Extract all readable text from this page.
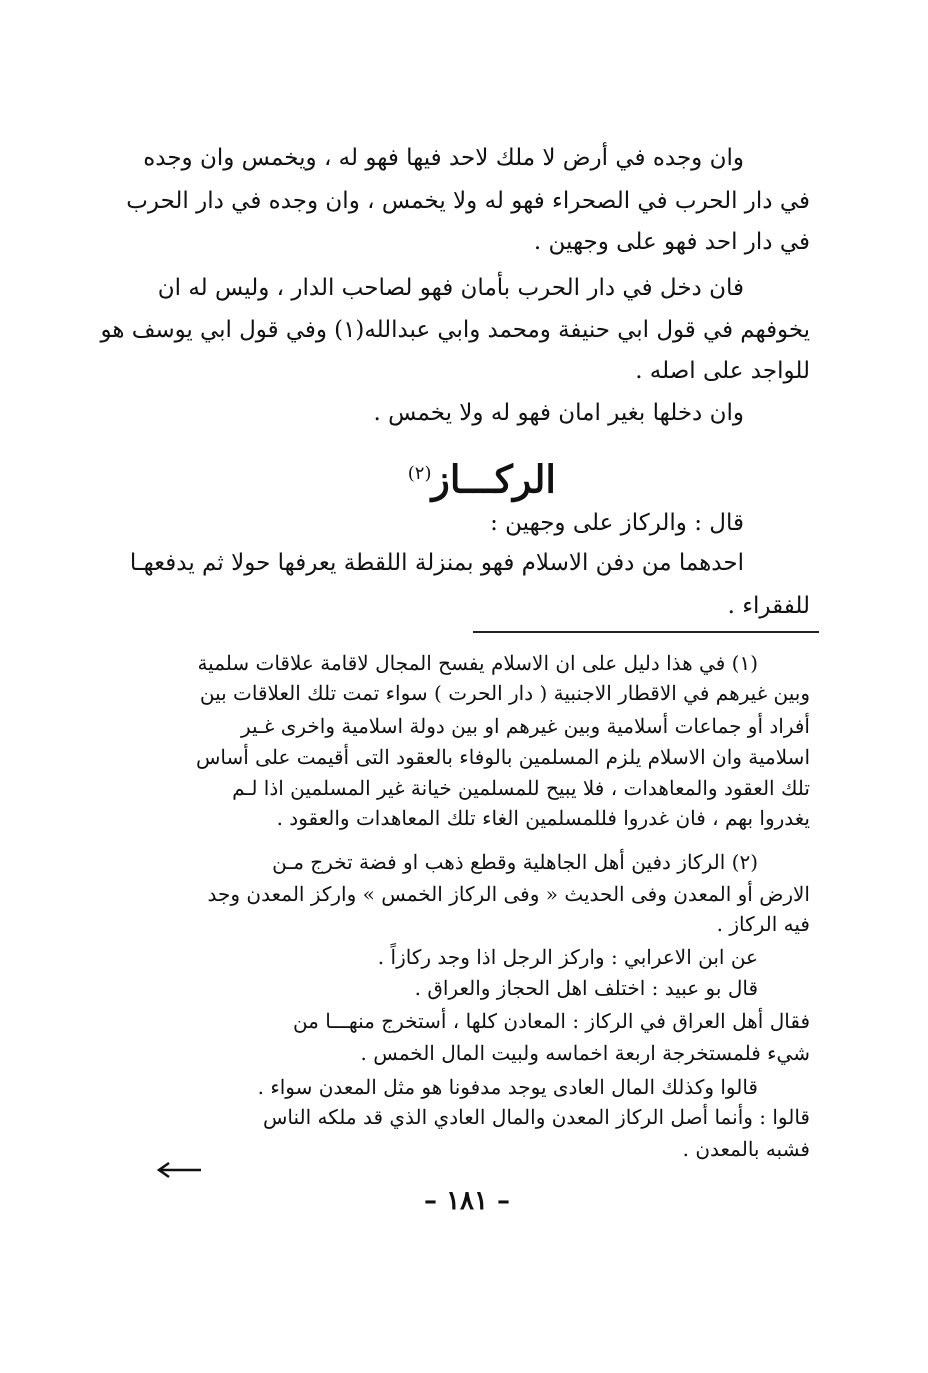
وان وجده في أرض لا ملك لاحد فيها فهو له ، ويخمس وان وجده
في دار الحرب في الصحراء فهو له ولا يخمس ، وان وجده في دار الحرب
في دار احد فهو على وجهين .
فان دخل في دار الحرب بأمان فهو لصاحب الدار ، وليس له ان
يخوفهم في قول ابي حنيفة ومحمد وابي عبدالله(١) وفي قول ابي يوسف هو
للواجد على اصله .
وان دخلها بغير امان فهو له ولا يخمس .
الركـــاز$^{(٢)}$
قال : والركاز على وجهين :
احدهما من دفن الاسلام فهو بمنزلة اللقطة يعرفها حولا ثم يدفعهـا
للفقراء .
(١) في هذا دليل على ان الاسلام يفسح المجال لاقامة علاقات سلمية
وبين غيرهم في الاقطار الاجنبية ( دار الحرت ) سواء تمت تلك العلاقات بين
أفراد أو جماعات أسلامية وبين غيرهم او بين دولة اسلامية واخرى غـير
اسلامية وان الاسلام يلزم المسلمين بالوفاء بالعقود التى أقيمت على أساس
تلك العقود والمعاهدات ، فلا يبيح للمسلمين خيانة غير المسلمين اذا لـم
يغدروا بهم ، فان غدروا فللمسلمين الغاء تلك المعاهدات والعقود .
(٢) الركاز دفين أهل الجاهلية وقطع ذهب او فضة تخرج مـن
الارض أو المعدن وفى الحديث « وفى الركاز الخمس » واركز المعدن وجد
فيه الركاز .
عن ابن الاعرابي : واركز الرجل اذا وجد ركازاً .
قال بو عبيد : اختلف اهل الحجاز والعراق .
فقال أهل العراق في الركاز : المعادن كلها ، أستخرج منهـــا من
شيء فلمستخرجة اربعة اخماسه ولبيت المال الخمس .
قالوا وكذلك المال العادى يوجد مدفونا هو مثل المعدن سواء .
قالوا : وأنما أصل الركاز المعدن والمال العادي الذي قد ملكه الناس
فشبه بالمعدن .
– ١٨١ –
